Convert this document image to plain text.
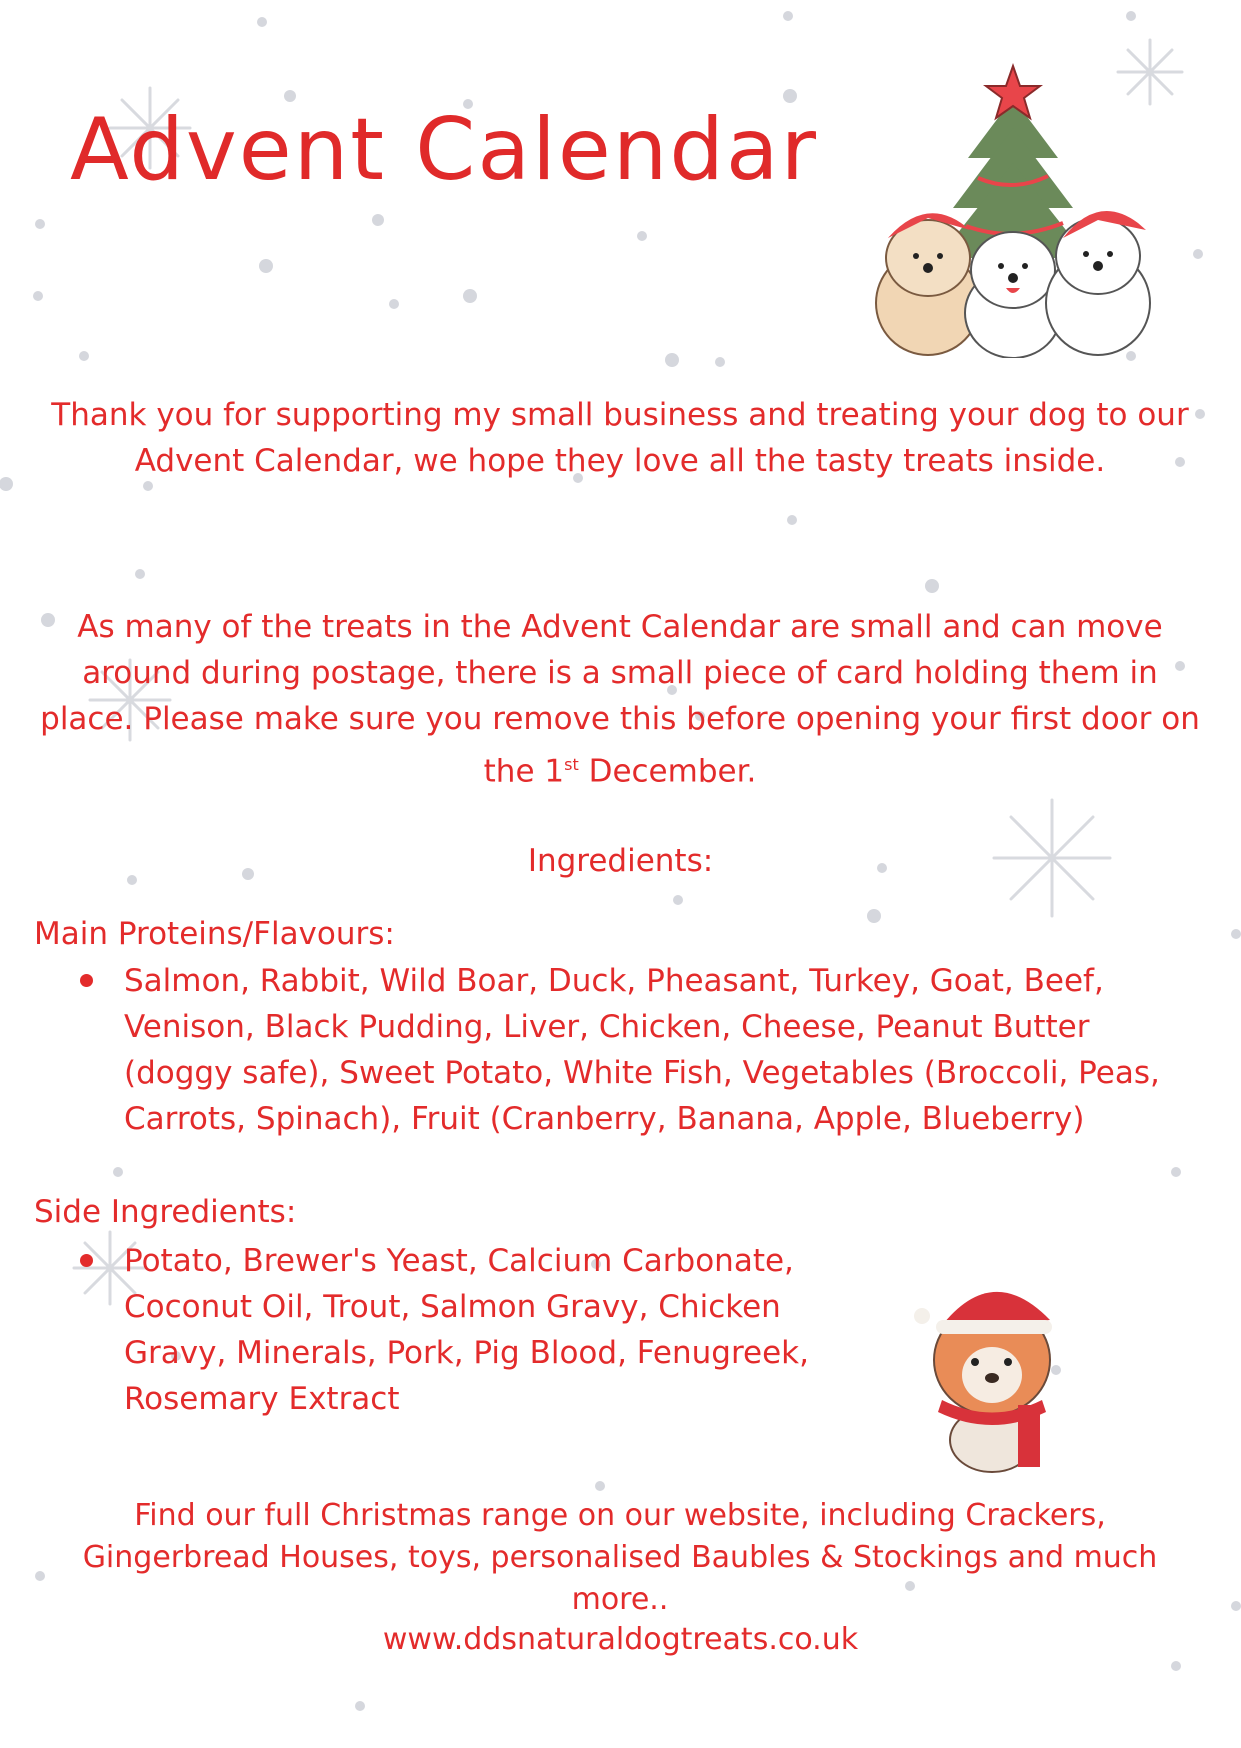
Advent Calendar

Thank you for supporting my small business and treating your dog to our Advent Calendar, we hope they love all the tasty treats inside.

As many of the treats in the Advent Calendar are small and can move around during postage, there is a small piece of card holding them in place. Please make sure you remove this before opening your first door on the 1st December.

Ingredients:

Main Proteins/Flavours:

Salmon, Rabbit, Wild Boar, Duck, Pheasant, Turkey, Goat, Beef, Venison, Black Pudding, Liver, Chicken, Cheese, Peanut Butter (doggy safe), Sweet Potato, White Fish, Vegetables (Broccoli, Peas, Carrots, Spinach), Fruit (Cranberry, Banana, Apple, Blueberry)

Side Ingredients:

Potato, Brewer's Yeast, Calcium Carbonate, Coconut Oil, Trout, Salmon Gravy, Chicken Gravy, Minerals, Pork, Pig Blood, Fenugreek, Rosemary Extract

Find our full Christmas range on our website, including Crackers, Gingerbread Houses, toys, personalised Baubles & Stockings and much more..

www.ddsnaturaldogtreats.co.uk
